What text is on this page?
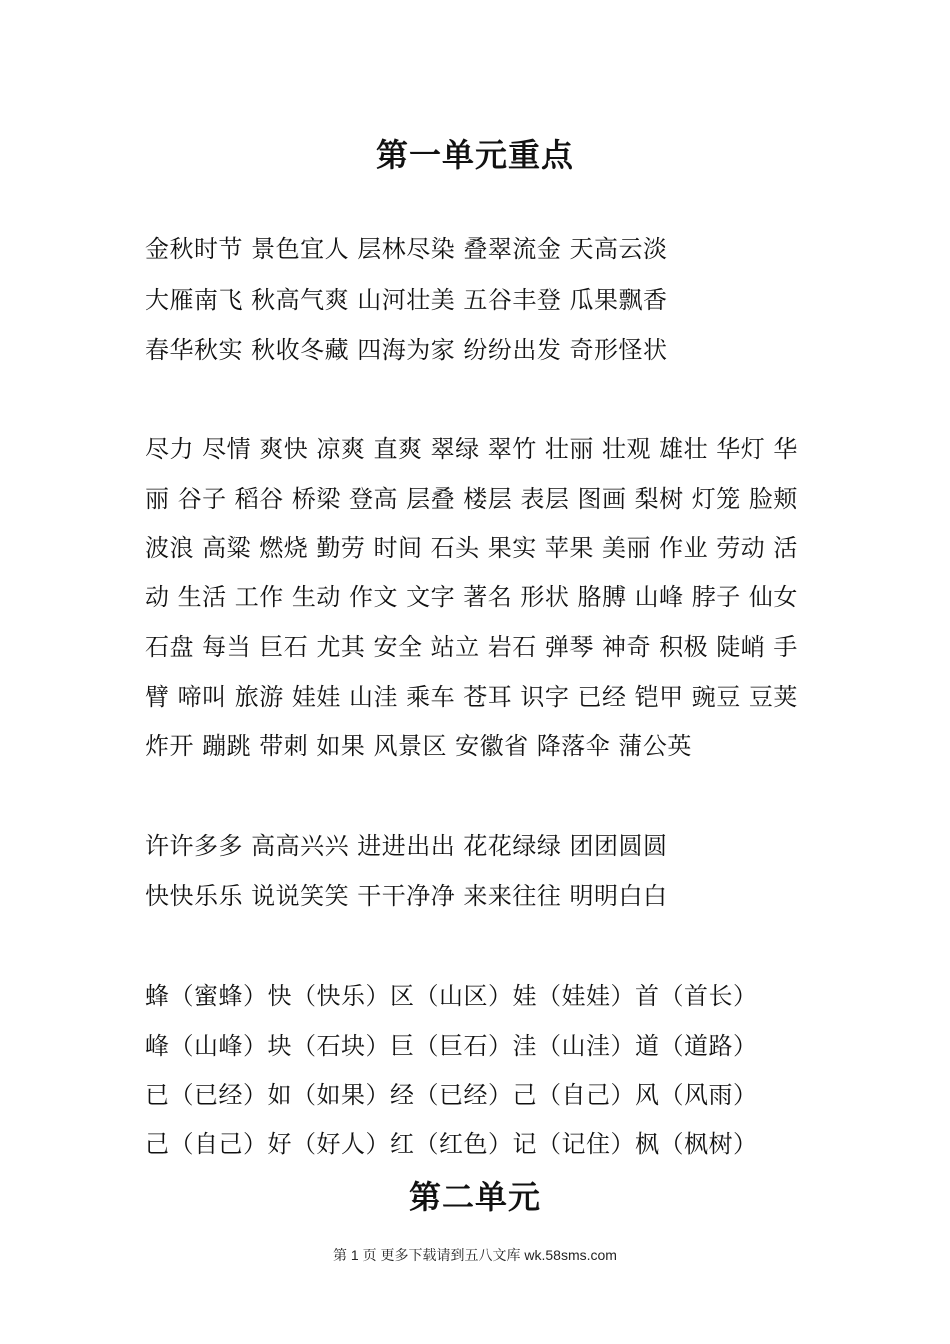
第一单元重点
金秋时节 景色宜人 层林尽染 叠翠流金 天高云淡
大雁南飞 秋高气爽 山河壮美 五谷丰登 瓜果飘香
春华秋实 秋收冬藏 四海为家 纷纷出发 奇形怪状
尽力 尽情 爽快 凉爽 直爽 翠绿 翠竹 壮丽 壮观 雄壮 华灯 华
丽 谷子 稻谷 桥梁 登高 层叠 楼层 表层 图画 梨树 灯笼 脸颊
波浪 高粱 燃烧 勤劳 时间 石头 果实 苹果 美丽 作业 劳动 活
动 生活 工作 生动 作文 文字 著名 形状 胳膊 山峰 脖子 仙女
石盘 每当 巨石 尤其 安全 站立 岩石 弹琴 神奇 积极 陡峭 手
臂 啼叫 旅游 娃娃 山洼 乘车 苍耳 识字 已经 铠甲 豌豆 豆荚
炸开 蹦跳 带刺 如果 风景区 安徽省 降落伞 蒲公英
许许多多 高高兴兴 进进出出 花花绿绿 团团圆圆
快快乐乐 说说笑笑 干干净净 来来往往 明明白白
蜂（蜜蜂）快（快乐）区（山区）娃（娃娃）首（首长）
峰（山峰）块（石块）巨（巨石）洼（山洼）道（道路）
已（已经）如（如果）经（已经）己（自己）风（风雨）
己（自己）好（好人）红（红色）记（记住）枫（枫树）
第二单元
第 1 页 更多下载请到五八文库 wk.58sms.com
